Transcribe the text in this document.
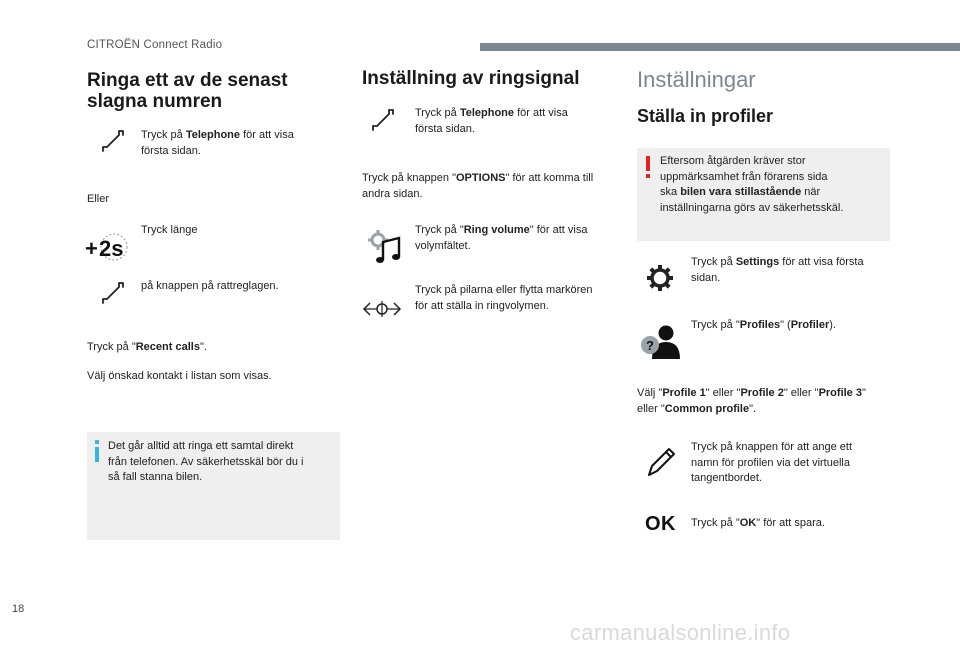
CITROËN Connect Radio
Ringa ett av de senast
slagna numren
Tryck på Telephone för att visa
första sidan.
Eller
Tryck länge
+ 2s
på knappen på rattreglagen.
Tryck på "Recent calls".
Välj önskad kontakt i listan som visas.
Det går alltid att ringa ett samtal direkt
från telefonen. Av säkerhetsskäl bör du i
så fall stanna bilen.
Inställning av ringsignal
Tryck på Telephone för att visa
första sidan.
Tryck på knappen "OPTIONS" för att komma till
andra sidan.
Tryck på "Ring volume" för att visa
volymfältet.
Tryck på pilarna eller flytta markören
för att ställa in ringvolymen.
Inställningar
Ställa in profiler
Eftersom åtgärden kräver stor
uppmärksamhet från förarens sida
ska bilen vara stillastående när
inställningarna görs av säkerhetsskäl.
Tryck på Settings för att visa första
sidan.
?
Tryck på "Profiles" (Profiler).
Välj "Profile 1" eller "Profile 2" eller "Profile 3"
eller "Common profile".
Tryck på knappen för att ange ett
namn för profilen via det virtuella
tangentbordet.
OK Tryck på "OK" för att spara.
18
carmanualsonline.info
